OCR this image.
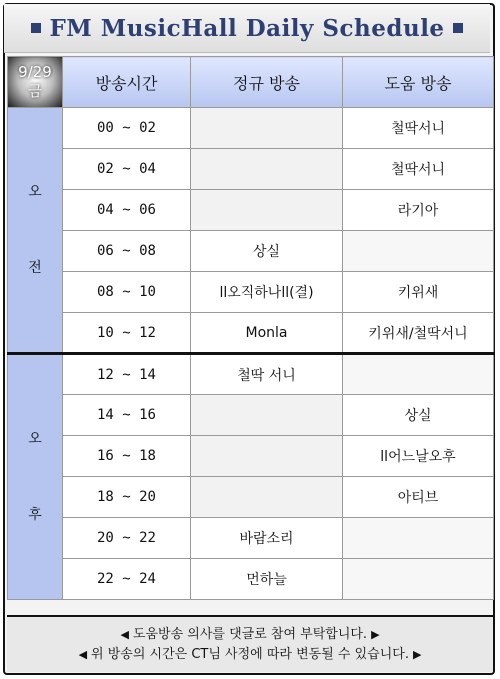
FM MusicHall Daily Schedule
9/29
금	방송시간	정규 방송	도움 방송
오

전	00 ~ 02		철딱서니
	02 ~ 04		철딱서니
	04 ~ 06		라기아
	06 ~ 08	상실	
	08 ~ 10	ll오직하나ll(결)	키위새
	10 ~ 12	Monla	키위새/철딱서니
오

후	12 ~ 14	철딱 서니	
	14 ~ 16		상실
	16 ~ 18		ll어느날오후
	18 ~ 20		아티브
	20 ~ 22	바람소리	
	22 ~ 24	먼하늘	
◀ 도움방송 의사를 댓글로 참여 부탁합니다. ▶
◀ 위 방송의 시간은 CT님 사정에 따라 변동될 수 있습니다. ▶
